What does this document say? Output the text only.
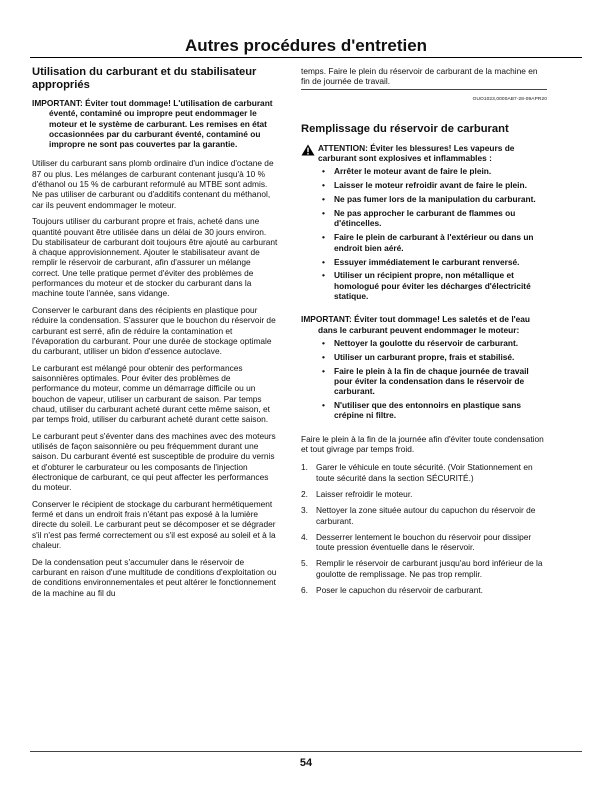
Autres procédures d'entretien
Utilisation du carburant et du stabilisateur appropriés

IMPORTANT: Éviter tout dommage! L'utilisation de carburant éventé, contaminé ou impropre peut endommager le moteur et le système de carburant. Les remises en état occasionnées par du carburant éventé, contaminé ou impropre ne sont pas couvertes par la garantie.

Utiliser du carburant sans plomb ordinaire d'un indice d'octane de 87 ou plus. Les mélanges de carburant contenant jusqu'à 10 % d'éthanol ou 15 % de carburant reformulé au MTBE sont admis. Ne pas utiliser de carburant ou d'additifs contenant du méthanol, car ils peuvent endommager le moteur.

Toujours utiliser du carburant propre et frais, acheté dans une quantité pouvant être utilisée dans un délai de 30 jours environ. Du stabilisateur de carburant doit toujours être ajouté au carburant à chaque approvisionnement. Ajouter le stabilisateur avant de remplir le réservoir de carburant, afin d'assurer un mélange correct. Une telle pratique permet d'éviter des problèmes de performances du moteur et de stocker du carburant dans la machine toute l'année, sans vidange.

Conserver le carburant dans des récipients en plastique pour réduire la condensation. S'assurer que le bouchon du réservoir de carburant est serré, afin de réduire la contamination et l'évaporation du carburant. Pour une durée de stockage optimale du carburant, utiliser un bidon d'essence autoclave.

Le carburant est mélangé pour obtenir des performances saisonnières optimales. Pour éviter des problèmes de performance du moteur, comme un démarrage difficile ou un bouchon de vapeur, utiliser un carburant de saison. Par temps chaud, utiliser du carburant acheté durant cette même saison, et par temps froid, utiliser du carburant acheté durant cette saison.

Le carburant peut s'éventer dans des machines avec des moteurs utilisés de façon saisonnière ou peu fréquemment durant une saison. Du carburant éventé est susceptible de produire du vernis et d'obturer le carburateur ou les composants de l'injection électronique de carburant, ce qui peut affecter les performances du moteur.

Conserver le récipient de stockage du carburant hermétiquement fermé et dans un endroit frais n'étant pas exposé à la lumière directe du soleil. Le carburant peut se décomposer et se dégrader s'il n'est pas fermé correctement ou s'il est exposé au soleil et à la chaleur.

De la condensation peut s'accumuler dans le réservoir de carburant en raison d'une multitude de conditions d'exploitation ou de conditions environnementales et peut altérer le fonctionnement de la machine au fil du

temps. Faire le plein du réservoir de carburant de la machine en fin de journée de travail.

OUO1023,0000AB7-28-09APR20
Remplissage du réservoir de carburant
ATTENTION: Éviter les blessures! Les vapeurs de carburant sont explosives et inflammables :
• Arrêter le moteur avant de faire le plein.
• Laisser le moteur refroidir avant de faire le plein.
• Ne pas fumer lors de la manipulation du carburant.
• Ne pas approcher le carburant de flammes ou d'étincelles.
• Faire le plein de carburant à l'extérieur ou dans un endroit bien aéré.
• Essuyer immédiatement le carburant renversé.
• Utiliser un récipient propre, non métallique et homologué pour éviter les décharges d'électricité statique.

IMPORTANT: Éviter tout dommage! Les saletés et de l'eau dans le carburant peuvent endommager le moteur:

• Nettoyer la goulotte du réservoir de carburant.
• Utiliser un carburant propre, frais et stabilisé.
• Faire le plein à la fin de chaque journée de travail pour éviter la condensation dans le réservoir de carburant.
• N'utiliser que des entonnoirs en plastique sans crépine ni filtre.

Faire le plein à la fin de la journée afin d'éviter toute condensation et tout givrage par temps froid.

1. Garer le véhicule en toute sécurité. (Voir Stationnement en toute sécurité dans la section SÉCURITÉ.)
2. Laisser refroidir le moteur.
3. Nettoyer la zone située autour du capuchon du réservoir de carburant.
4. Desserrer lentement le bouchon du réservoir pour dissiper toute pression éventuelle dans le réservoir.
5. Remplir le réservoir de carburant jusqu'au bord inférieur de la goulotte de remplissage. Ne pas trop remplir.
6. Poser le capuchon du réservoir de carburant.
54
